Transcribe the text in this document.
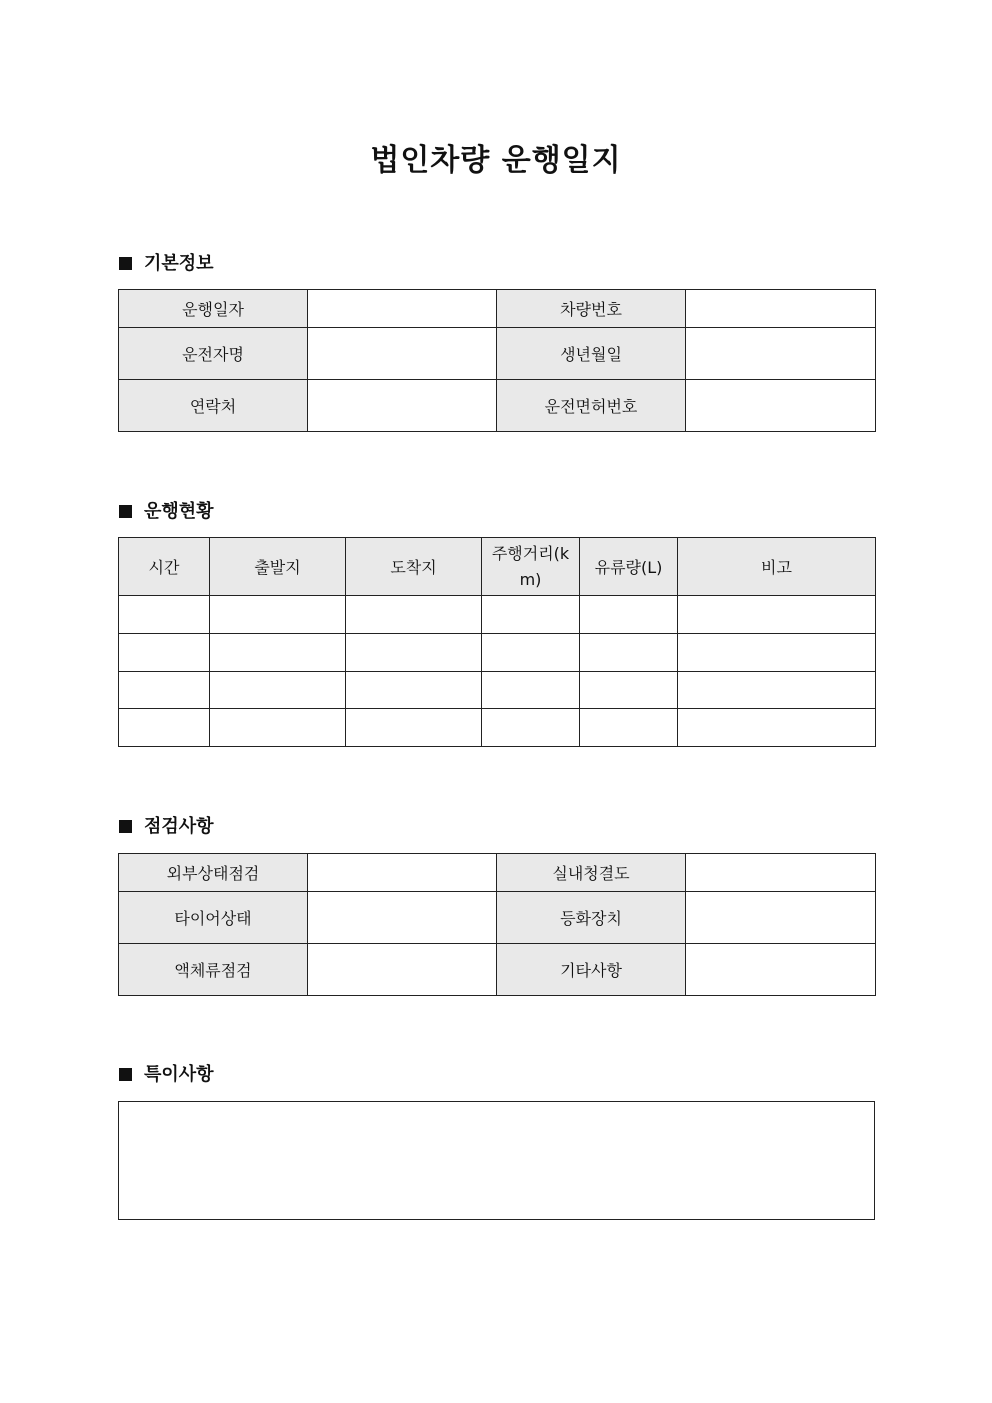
법인차량 운행일지
기본정보
운행일자		차량번호	
운전자명		생년월일	
연락처		운전면허번호	
운행현황
시간	출발지	도착지	주행거리(km)	유류량(L)	비고

점검사항
외부상태점검		실내청결도	
타이어상태		등화장치	
액체류점검		기타사항	
특이사항
